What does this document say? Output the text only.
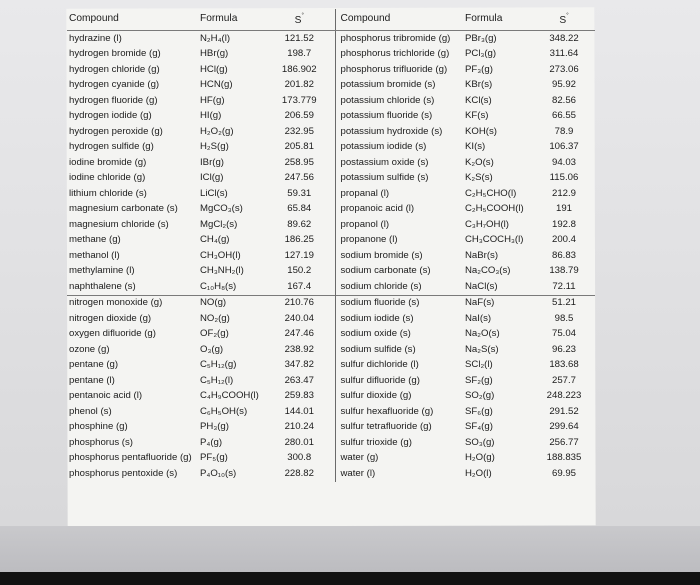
Compound	Formula	S°	Compound	Formula	S°
hydrazine (l)	N₂H₄(l)	121.52	phosphorus tribromide (g)	PBr₃(g)	348.22
hydrogen bromide (g)	HBr(g)	198.7	phosphorus trichloride (g)	PCl₃(g)	311.64
hydrogen chloride (g)	HCl(g)	186.902	phosphorus trifluoride (g)	PF₃(g)	273.06
hydrogen cyanide (g)	HCN(g)	201.82	potassium bromide (s)	KBr(s)	95.92
hydrogen fluoride (g)	HF(g)	173.779	potassium chloride (s)	KCl(s)	82.56
hydrogen iodide (g)	HI(g)	206.59	potassium fluoride (s)	KF(s)	66.55
hydrogen peroxide (g)	H₂O₂(g)	232.95	potassium hydroxide (s)	KOH(s)	78.9
hydrogen sulfide (g)	H₂S(g)	205.81	potassium iodide (s)	KI(s)	106.37
iodine bromide (g)	IBr(g)	258.95	postassium oxide (s)	K₂O(s)	94.03
iodine chloride (g)	ICl(g)	247.56	potassium sulfide (s)	K₂S(s)	115.06
lithium chloride (s)	LiCl(s)	59.31	propanal (l)	C₂H₅CHO(l)	212.9
magnesium carbonate (s)	MgCO₃(s)	65.84	propanoic acid (l)	C₂H₅COOH(l)	191
magnesium chloride (s)	MgCl₂(s)	89.62	propanol (l)	C₃H₇OH(l)	192.8
methane (g)	CH₄(g)	186.25	propanone (l)	CH₃COCH₃(l)	200.4
methanol (l)	CH₃OH(l)	127.19	sodium bromide (s)	NaBr(s)	86.83
methylamine (l)	CH₃NH₂(l)	150.2	sodium carbonate (s)	Na₂CO₃(s)	138.79
naphthalene (s)	C₁₀H₈(s)	167.4	sodium chloride (s)	NaCl(s)	72.11
nitrogen monoxide (g)	NO(g)	210.76	sodium fluoride (s)	NaF(s)	51.21
nitrogen dioxide (g)	NO₂(g)	240.04	sodium iodide (s)	NaI(s)	98.5
oxygen difluoride (g)	OF₂(g)	247.46	sodium oxide (s)	Na₂O(s)	75.04
ozone (g)	O₃(g)	238.92	sodium sulfide (s)	Na₂S(s)	96.23
pentane (g)	C₅H₁₂(g)	347.82	sulfur dichloride (l)	SCl₂(l)	183.68
pentane (l)	C₅H₁₂(l)	263.47	sulfur difluoride (g)	SF₂(g)	257.7
pentanoic acid (l)	C₄H₉COOH(l)	259.83	sulfur dioxide (g)	SO₂(g)	248.223
phenol (s)	C₆H₅OH(s)	144.01	sulfur hexafluoride (g)	SF₆(g)	291.52
phosphine (g)	PH₃(g)	210.24	sulfur tetrafluoride (g)	SF₄(g)	299.64
phosphorus (s)	P₄(g)	280.01	sulfur trioxide (g)	SO₃(g)	256.77
phosphorus pentafluoride (g)	PF₅(g)	300.8	water (g)	H₂O(g)	188.835
phosphorus pentoxide (s)	P₄O₁₀(s)	228.82	water (l)	H₂O(l)	69.95
